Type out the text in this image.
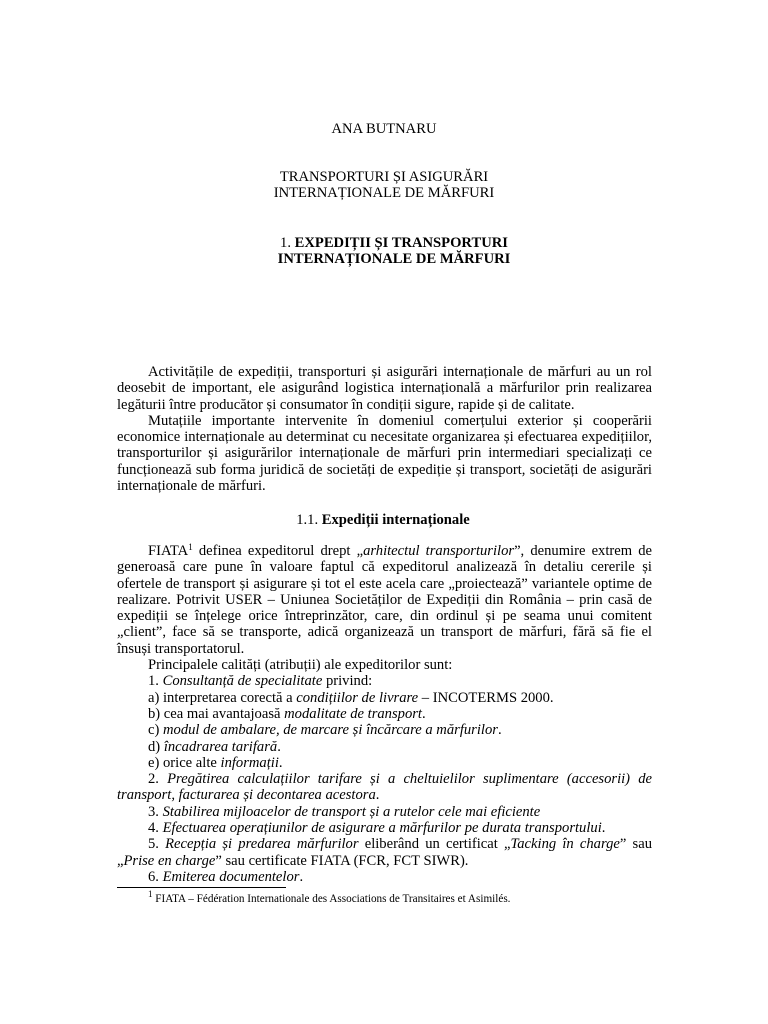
ANA BUTNARU
TRANSPORTURI ȘI ASIGURĂRI
INTERNAȚIONALE DE MĂRFURI
1. EXPEDIȚII ȘI TRANSPORTURI
INTERNAȚIONALE DE MĂRFURI

Activitățile de expediții, transporturi și asigurări internaționale de mărfuri au un rol deosebit de important, ele asigurând logistica internațională a mărfurilor prin realizarea legăturii între producător și consumator în condiții sigure, rapide și de calitate.

Mutațiile importante intervenite în domeniul comerțului exterior și cooperării economice internaționale au determinat cu necesitate organizarea și efectuarea expedițiilor, transporturilor și asigurărilor internaționale de mărfuri prin intermediari specializați ce funcționează sub forma juridică de societăți de expediție și transport, societăți de asigurări internaționale de mărfuri.

1.1. Expediții internaționale

FIATA$^1$ definea expeditorul drept „arhitectul transporturilor”, denumire extrem de generoasă care pune în valoare faptul că expeditorul analizează în detaliu cererile și ofertele de transport și asigurare și tot el este acela care „proiectează” variantele optime de realizare. Potrivit USER – Uniunea Societăților de Expediții din România – prin casă de expediții se înțelege orice întreprinzător, care, din ordinul și pe seama unui comitent „client”, face să se transporte, adică organizează un transport de mărfuri, fără să fie el însuși transportatorul.

Principalele calități (atribuții) ale expeditorilor sunt:
1. Consultanță de specialitate privind:
a) interpretarea corectă a condițiilor de livrare – INCOTERMS 2000.
b) cea mai avantajoasă modalitate de transport.
c) modul de ambalare, de marcare și încărcare a mărfurilor.
d) încadrarea tarifară.
e) orice alte informații.

2. Pregătirea calculațiilor tarifare și a cheltuielilor suplimentare (accesorii) de transport, facturarea și decontarea acestora.

3. Stabilirea mijloacelor de transport și a rutelor cele mai eficiente
4. Efectuarea operațiunilor de asigurare a mărfurilor pe durata transportului.

5. Recepția și predarea mărfurilor eliberând un certificat „Tacking în charge” sau „Prise en charge” sau certificate FIATA (FCR, FCT SIWR).

6. Emiterea documentelor.
$^1$ FIATA – Fédération Internationale des Associations de Transitaires et Asimilés.
